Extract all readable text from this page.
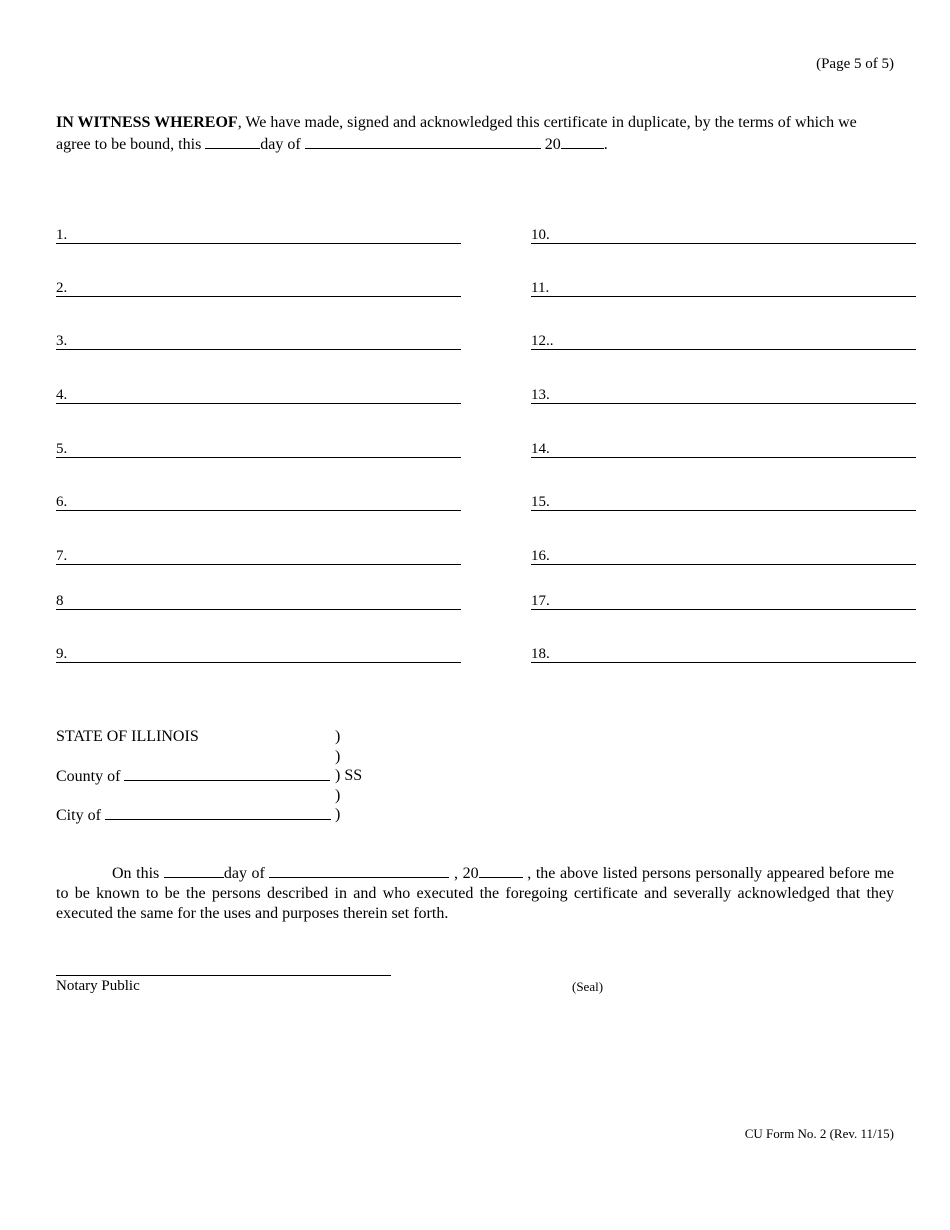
(Page 5 of 5)
IN WITNESS WHEREOF, We have made, signed and acknowledged this certificate in duplicate, by the terms of which we agree to be bound, this	day of	20	.
1.
2.
3.
4.
5.
6.
7.
8
9.
10.
11.
12..
13.
14.
15.
16.
17.
18.
STATE OF ILLINOIS	)
)
County of	) SS
)
City of	)
On this	day of	, 20	, the above listed persons personally appeared before me to be known to be the persons described in and who executed the foregoing certificate and severally acknowledged that they executed the same for the uses and purposes therein set forth.
Notary Public	(Seal)
CU Form No. 2 (Rev. 11/15)
